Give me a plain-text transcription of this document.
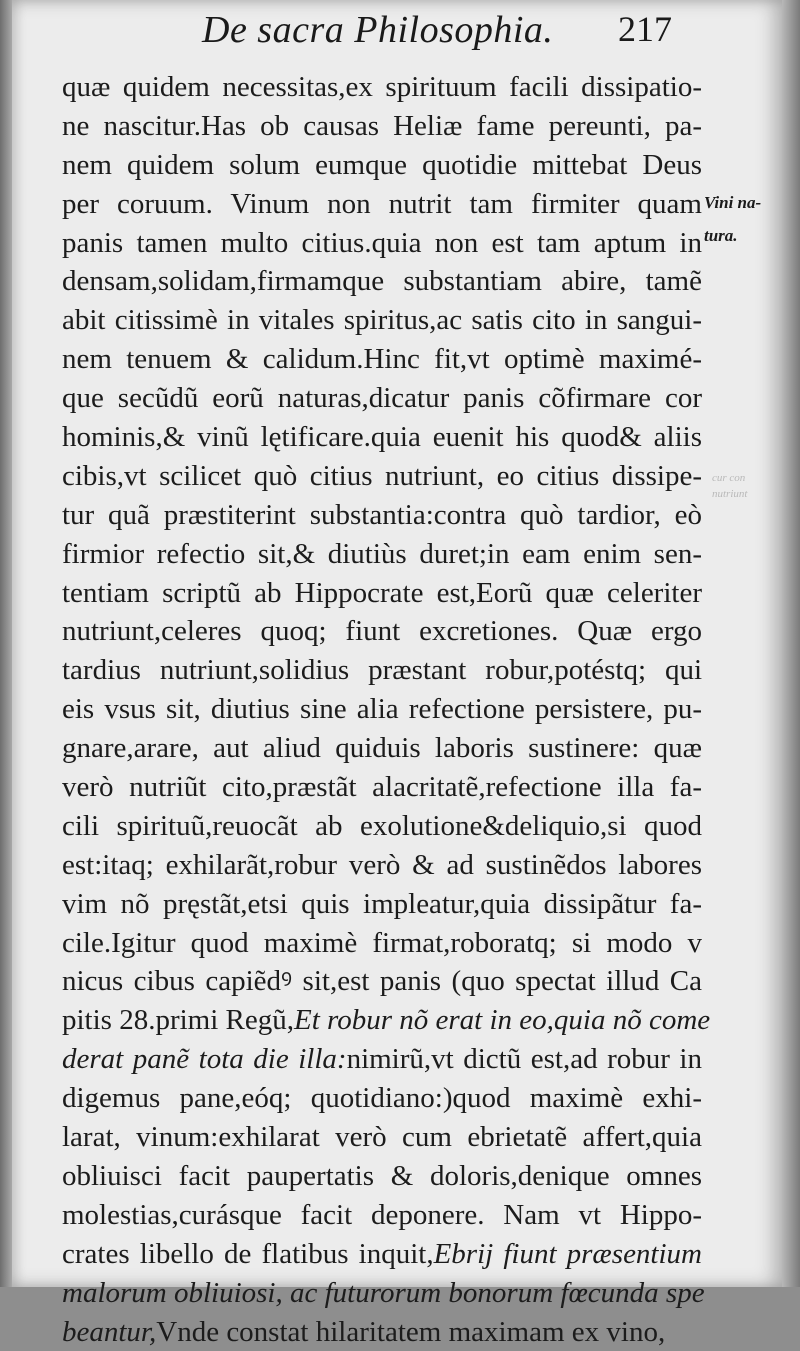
De sacra Philosophia. 217
quæ quidem necessitas,ex spirituum facili dissipatio-
ne nascitur.Has ob causas Heliæ fame pereunti, pa-
nem quidem solum eumque quotidie mittebat Deus
per coruum. Vinum non nutrit tam firmiter quam
panis tamen multo citius.quia non est tam aptum in
densam,solidam,firmamque substantiam abire, tamẽ
abit citissimè in vitales spiritus,ac satis cito in sangui-
nem tenuem & calidum.Hinc fit,vt optimè maximé-
que secũdũ eorũ naturas,dicatur panis cõfirmare cor
hominis,& vinũ lętificare.quia euenit his quod& aliis
cibis,vt scilicet quò citius nutriunt, eo citius dissipe-
tur quã præstiterint substantia:contra quò tardior, eò
firmior refectio sit,& diutiùs duret;in eam enim sen-
tentiam scriptũ ab Hippocrate est,Eorũ quæ celeriter
nutriunt,celeres quoq; fiunt excretiones. Quæ ergo
tardius nutriunt,solidius præstant robur,potéstq; qui
eis vsus sit, diutius sine alia refectione persistere, pu-
gnare,arare, aut aliud quiduis laboris sustinere: quæ
verò nutriũt cito,præstãt alacritatẽ,refectione illa fa-
cili spirituũ,reuocãt ab exolutione&deliquio,si quod
est:itaq; exhilarãt,robur verò & ad sustinẽdos labores
vim nõ pręstãt,etsi quis impleatur,quia dissipãtur fa-
cile.Igitur quod maximè firmat,roboratq; si modo v
nicus cibus capiẽdꝰ sit,est panis (quo spectat illud Ca
pitis 28.primi Regũ,Et robur nõ erat in eo,quia nõ come
derat panẽ tota die illa:nimirũ,vt dictũ est,ad robur in
digemus pane,eóq; quotidiano:)quod maximè exhi-
larat, vinum:exhilarat verò cum ebrietatẽ affert,quia
obliuisci facit paupertatis & doloris,denique omnes
molestias,curásque facit deponere. Nam vt Hippo-
crates libello de flatibus inquit,Ebrij fiunt præsentium
malorum obliuiosi, ac futurorum bonorum fœcunda spe
beantur,Vnde constat hilaritatem maximam ex vino,
Vini na-
tura.
cur con
nutriunt
